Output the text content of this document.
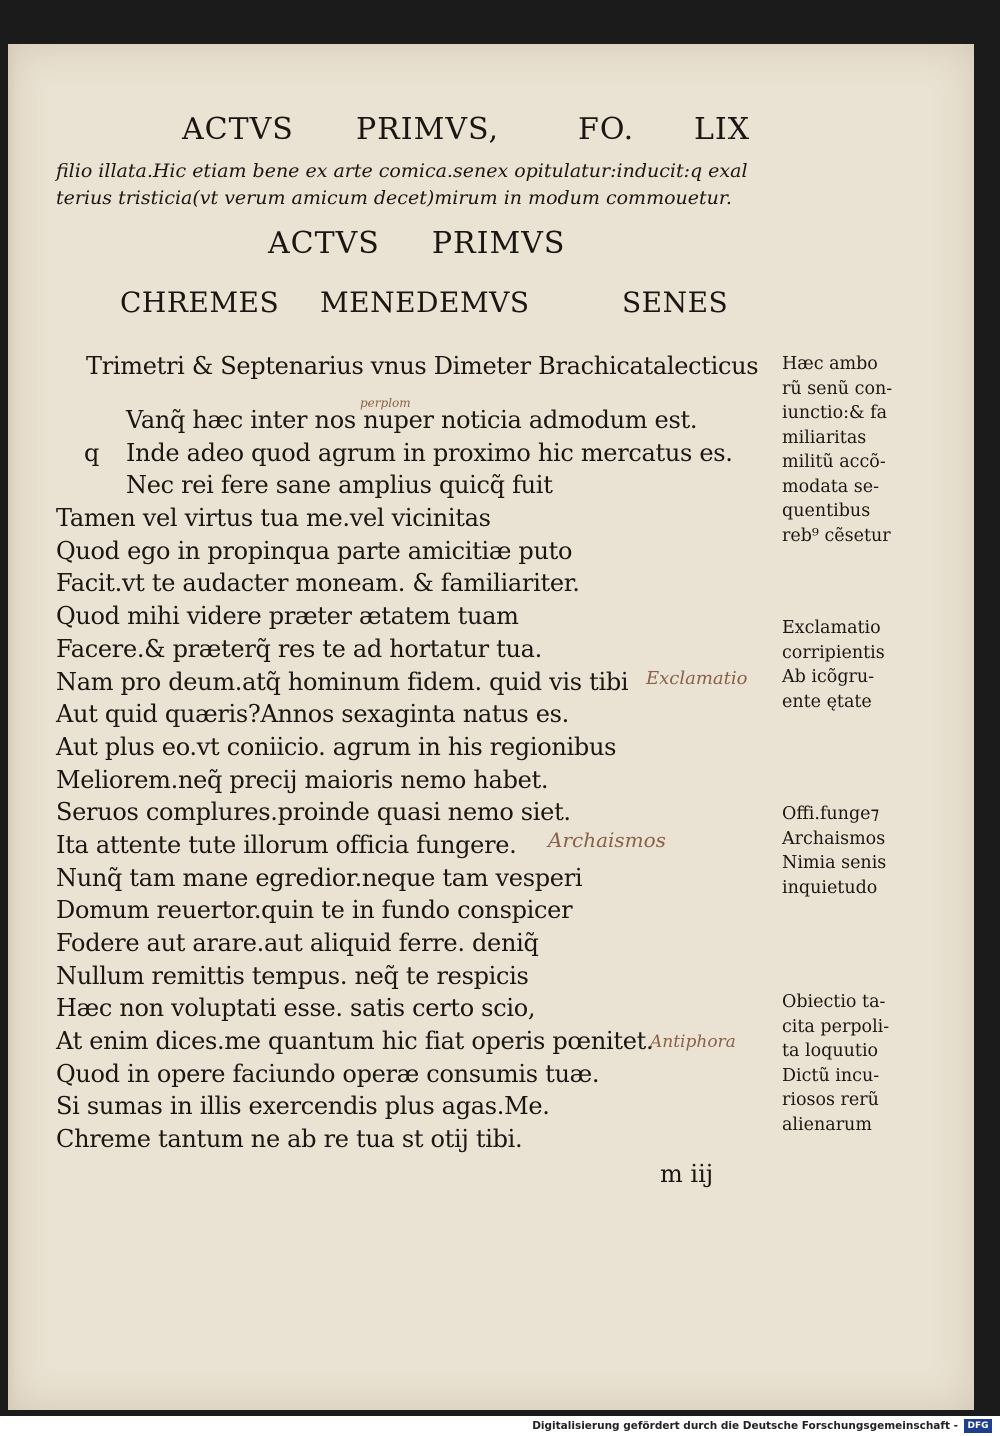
ACTVS PRIMVS,	FO. LIX
filio illata.Hic etiam bene ex arte comica.senex opitulatur:inducit:q exal
terius tristicia(vt verum amicum decet)mirum in modum commouetur.
ACTVS PRIMVS
CHREMES MENEDEMVS	SENES
Trimetri & Septenarius vnus Dimeter Brachicatalecticus
Vanq̃ hæc inter nos nuper noticia admodum est.
q Inde adeo quod agrum in proximo hic mercatus es.
Nec rei fere sane amplius quicq̃ fuit
Tamen vel virtus tua me.vel vicinitas
Quod ego in propinqua parte amicitiæ puto
Facit.vt te audacter moneam. & familiariter.
Quod mihi videre præter ætatem tuam
Facere.& præterq̃ res te ad hortatur tua.
Nam pro deum.atq̃ hominum fidem. quid vis tibi
Aut quid quæris?Annos sexaginta natus es.
Aut plus eo.vt coniicio. agrum in his regionibus
Meliorem.neq̃ precij maioris nemo habet.
Seruos complures.proinde quasi nemo siet.
Ita attente tute illorum officia fungere.
Nunq̃ tam mane egredior.neque tam vesperi
Domum reuertor.quin te in fundo conspicer
Fodere aut arare.aut aliquid ferre. deniq̃
Nullum remittis tempus. neq̃ te respicis
Hæc non voluptati esse. satis certo scio,
At enim dices.me quantum hic fiat operis pœnitet.
Quod in opere faciundo operæ consumis tuæ.
Si sumas in illis exercendis plus agas.Me.
Chreme tantum ne ab re tua st otij tibi.
Hæc ambo
rũ senũ con-
iunctio:& fa
miliaritas
militũ accõ-
modata se-
quentibus
reb⁹ cẽsetur
Exclamatio
corripientis
Ab icõgru-
ente ętate
Offi.funge⁊
Archaismos
Nimia senis
inquietudo
Obiectio ta-
cita perpoli-
ta loquutio
Dictũ incu-
riosos rerũ
alienarum
perplom
Exclamatio
Archaismos
Antiphora
m iij
Digitalisierung gefördert durch die Deutsche Forschungsgemeinschaft -	DFG
